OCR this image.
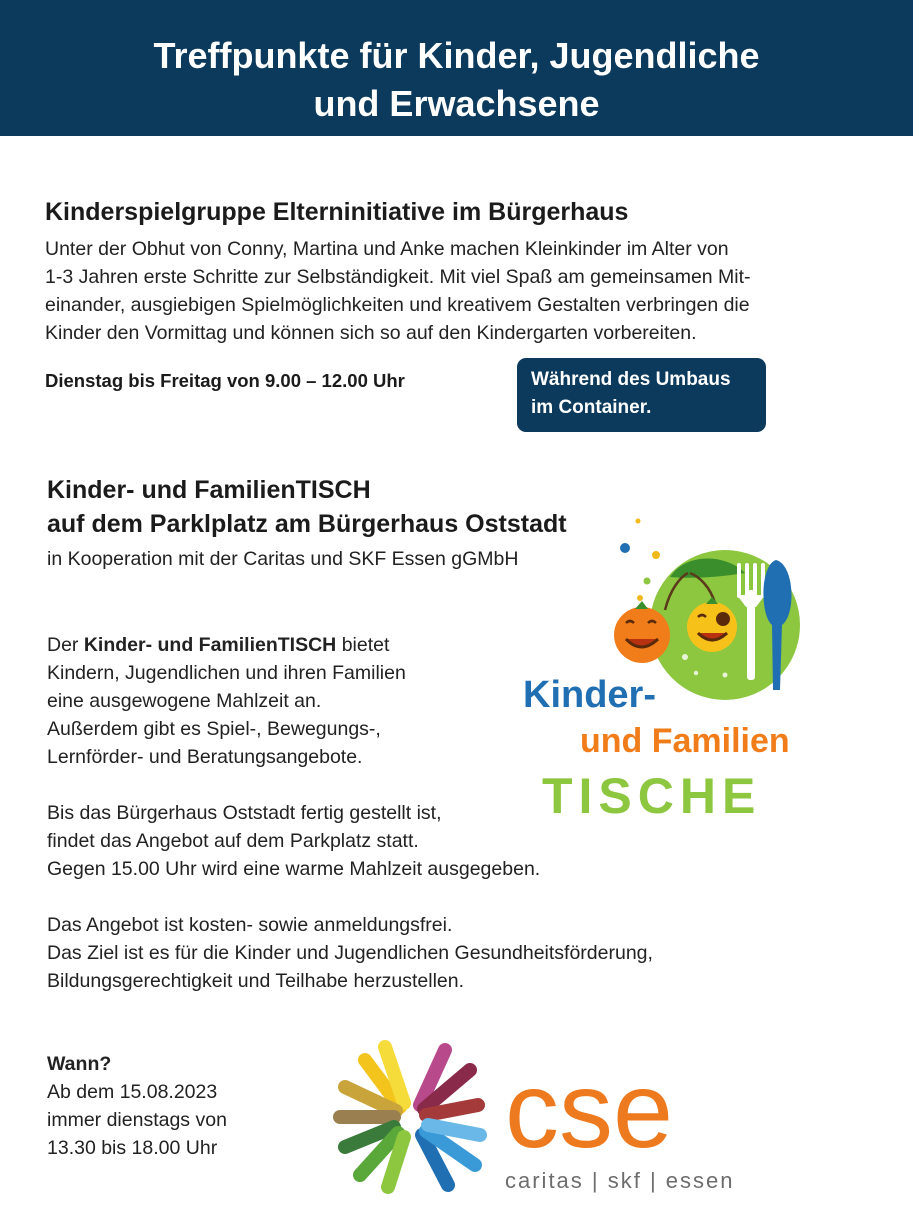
Treffpunkte für Kinder, Jugendliche
und Erwachsene
Kinderspielgruppe Elterninitiative im Bürgerhaus
Unter der Obhut von Conny, Martina und Anke machen Kleinkinder im Alter von
1-3 Jahren erste Schritte zur Selbständigkeit. Mit viel Spaß am gemeinsamen Mit-
einander, ausgiebigen Spielmöglichkeiten und kreativem Gestalten verbringen die
Kinder den Vormittag und können sich so auf den Kindergarten vorbereiten.
Dienstag bis Freitag von 9.00 – 12.00 Uhr	Während des Umbaus
im Container.
Kinder- und FamilienTISCH
auf dem Parklplatz am Bürgerhaus Oststadt
in Kooperation mit der Caritas und SKF Essen gGMbH
Der Kinder- und FamilienTISCH bietet
Kindern, Jugendlichen und ihren Familien
eine ausgewogene Mahlzeit an.
Außerdem gibt es Spiel-, Bewegungs-,
Lernförder- und Beratungsangebote.
Bis das Bürgerhaus Oststadt fertig gestellt ist,
findet das Angebot auf dem Parkplatz statt.
Gegen 15.00 Uhr wird eine warme Mahlzeit ausgegeben.
Das Angebot ist kosten- sowie anmeldungsfrei.
Das Ziel ist es für die Kinder und Jugendlichen Gesundheitsförderung,
Bildungsgerechtigkeit und Teilhabe herzustellen.
Wann?
Ab dem 15.08.2023
immer dienstags von
13.30 bis 18.00 Uhr
Kinder-
und Familien
TISCHE
cse
caritas | skf | essen
